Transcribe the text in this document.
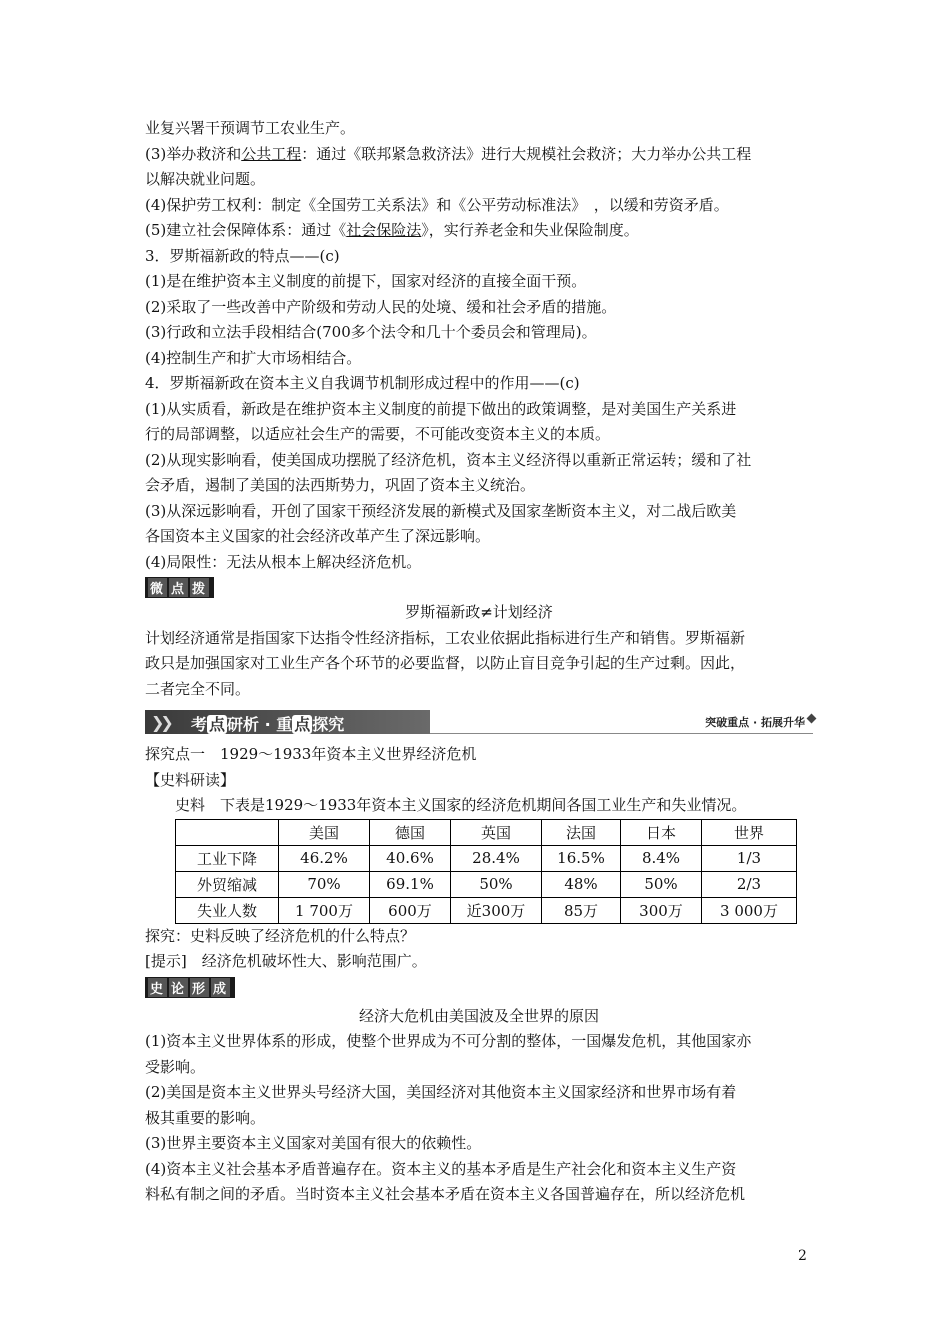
业复兴署干预调节工农业生产。
(3)举办救济和公共工程：通过《联邦紧急救济法》进行大规模社会救济；大力举办公共工程
以解决就业问题。
(4)保护劳工权利：制定《全国劳工关系法》和《公平劳动标准法》　，以缓和劳资矛盾。
(5)建立社会保障体系：通过《社会保险法》，实行养老金和失业保险制度。
3．罗斯福新政的特点——(c)
(1)是在维护资本主义制度的前提下，国家对经济的直接全面干预。
(2)采取了一些改善中产阶级和劳动人民的处境、缓和社会矛盾的措施。
(3)行政和立法手段相结合(700多个法令和几十个委员会和管理局)。
(4)控制生产和扩大市场相结合。
4．罗斯福新政在资本主义自我调节机制形成过程中的作用——(c)
(1)从实质看，新政是在维护资本主义制度的前提下做出的政策调整，是对美国生产关系进
行的局部调整，以适应社会生产的需要，不可能改变资本主义的本质。
(2)从现实影响看，使美国成功摆脱了经济危机，资本主义经济得以重新正常运转；缓和了社
会矛盾，遏制了美国的法西斯势力，巩固了资本主义统治。
(3)从深远影响看，开创了国家干预经济发展的新模式及国家垄断资本主义，对二战后欧美
各国资本主义国家的社会经济改革产生了深远影响。
(4)局限性：无法从根本上解决经济危机。
微 点 拨
罗斯福新政≠计划经济
计划经济通常是指国家下达指令性经济指标，工农业依据此指标进行生产和销售。罗斯福新
政只是加强国家对工业生产各个环节的必要监督，以防止盲目竞争引起的生产过剩。因此，
二者完全不同。
❯❯ 考 点 研析 · 重 点 探究	突破重点 · 拓展升华
探究点一　1929～1933年资本主义世界经济危机
【史料研读】
史料　下表是1929～1933年资本主义国家的经济危机期间各国工业生产和失业情况。
	美国	德国	英国	法国	日本	世界
工业下降	46.2%	40.6%	28.4%	16.5%	8.4%	1/3
外贸缩减	70%	69.1%	50%	48%	50%	2/3
失业人数	1 700万	600万	近300万	85万	300万	3 000万
探究：史料反映了经济危机的什么特点？
[提示]　经济危机破坏性大、影响范围广。
史 论 形 成
经济大危机由美国波及全世界的原因
(1)资本主义世界体系的形成，使整个世界成为不可分割的整体，一国爆发危机，其他国家亦
受影响。
(2)美国是资本主义世界头号经济大国，美国经济对其他资本主义国家经济和世界市场有着
极其重要的影响。
(3)世界主要资本主义国家对美国有很大的依赖性。
(4)资本主义社会基本矛盾普遍存在。资本主义的基本矛盾是生产社会化和资本主义生产资
料私有制之间的矛盾。当时资本主义社会基本矛盾在资本主义各国普遍存在，所以经济危机
2
